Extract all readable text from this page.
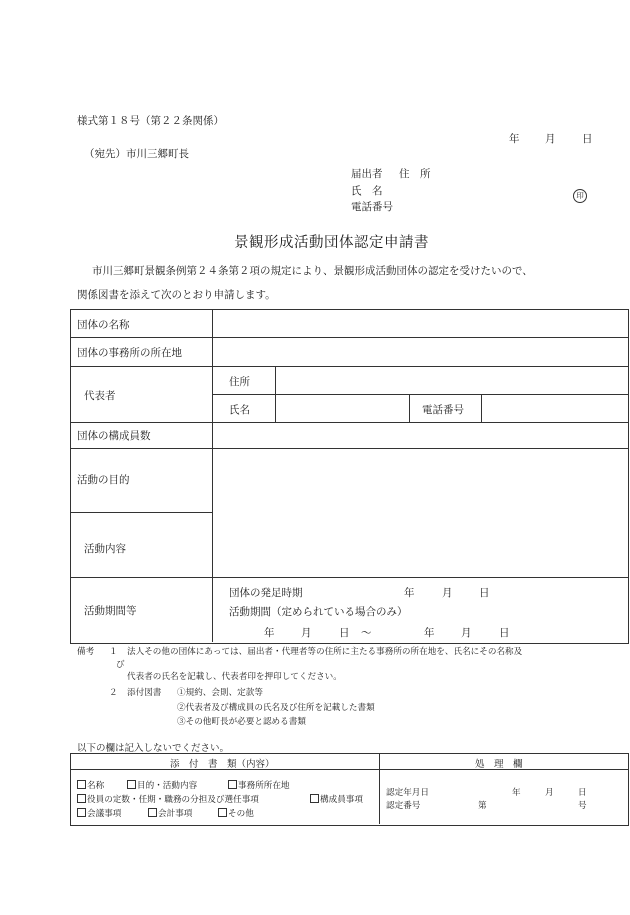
様式第１８号（第２２条関係）
年 月	日
（宛先）市川三郷町長
届出者 住　所
氏　名	印
電話番号
景観形成活動団体認定申請書
市川三郷町景観条例第２４条第２項の規定により、景観形成活動団体の認定を受けたいので、
関係図書を添えて次のとおり申請します。
団体の名称
団体の事務所の所在地
代表者
住所
氏名	電話番号
団体の構成員数
活動の目的
活動内容
活動期間等
団体の発足時期	年	月	日
活動期間（定められている場合のみ）
年	月	日 ～	年	月	日
備考 １ 法人その他の団体にあっては、届出者・代理者等の住所に主たる事務所の所在地を、氏名にその名称及
び
代表者の氏名を記載し、代表者印を押印してください。
２ 添付図書 ①規約、会則、定款等
②代表者及び構成員の氏名及び住所を記載した書類
③その他町長が必要と認める書類
以下の欄は記入しないでください。
添　付　書　類（内容）	処　理　欄
名称	目的・活動内容	事務所所在地
役員の定数・任期・職務の分担及び選任事項	構成員事項
会議事項	会計事項	その他
認定年月日	年	月	日
認定番号	第	号
